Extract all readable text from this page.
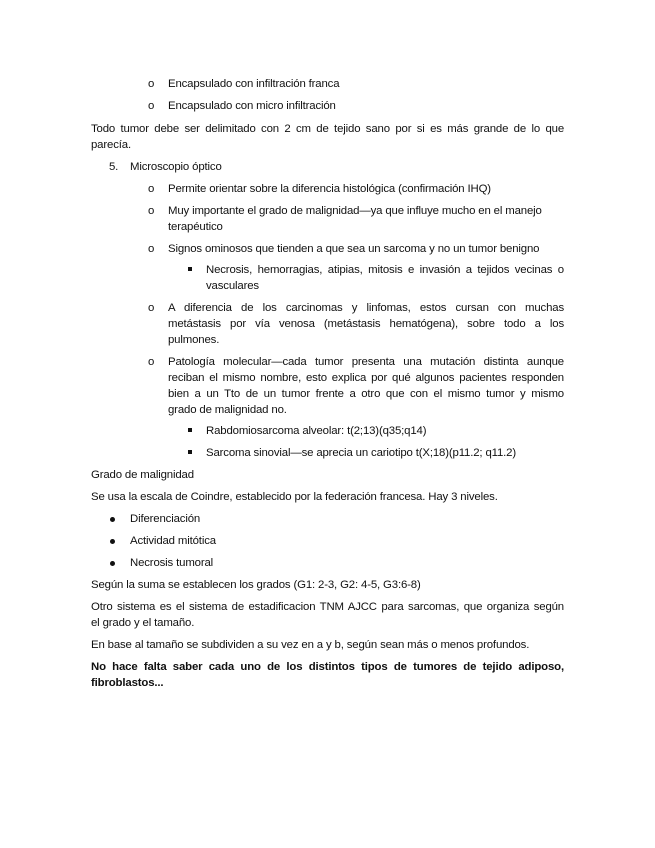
o Encapsulado con infiltración franca
o Encapsulado con micro infiltración
Todo tumor debe ser delimitado con 2 cm de tejido sano por si es más grande de lo que
parecía.
5. Microscopio óptico
o Permite orientar sobre la diferencia histológica (confirmación IHQ)
o Muy importante el grado de malignidad—ya que influye mucho en el manejo
terapéutico
o Signos ominosos que tienden a que sea un sarcoma y no un tumor benigno
Necrosis, hemorragias, atipias, mitosis e invasión a tejidos vecinas o
vasculares
o A diferencia de los carcinomas y linfomas, estos cursan con muchas
metástasis por vía venosa (metástasis hematógena), sobre todo a los
pulmones.
o Patología molecular—cada tumor presenta una mutación distinta aunque
reciban el mismo nombre, esto explica por qué algunos pacientes responden
bien a un Tto de un tumor frente a otro que con el mismo tumor y mismo
grado de malignidad no.
Rabdomiosarcoma alveolar: t(2;13)(q35;q14)
Sarcoma sinovial—se aprecia un cariotipo t(X;18)(p11.2; q11.2)
Grado de malignidad
Se usa la escala de Coindre, establecido por la federación francesa. Hay 3 niveles.
Diferenciación
Actividad mitótica
Necrosis tumoral
Según la suma se establecen los grados (G1: 2-3, G2: 4-5, G3:6-8)
Otro sistema es el sistema de estadificacion TNM AJCC para sarcomas, que organiza según
el grado y el tamaño.
En base al tamaño se subdividen a su vez en a y b, según sean más o menos profundos.
No hace falta saber cada uno de los distintos tipos de tumores de tejido adiposo,
fibroblastos...
